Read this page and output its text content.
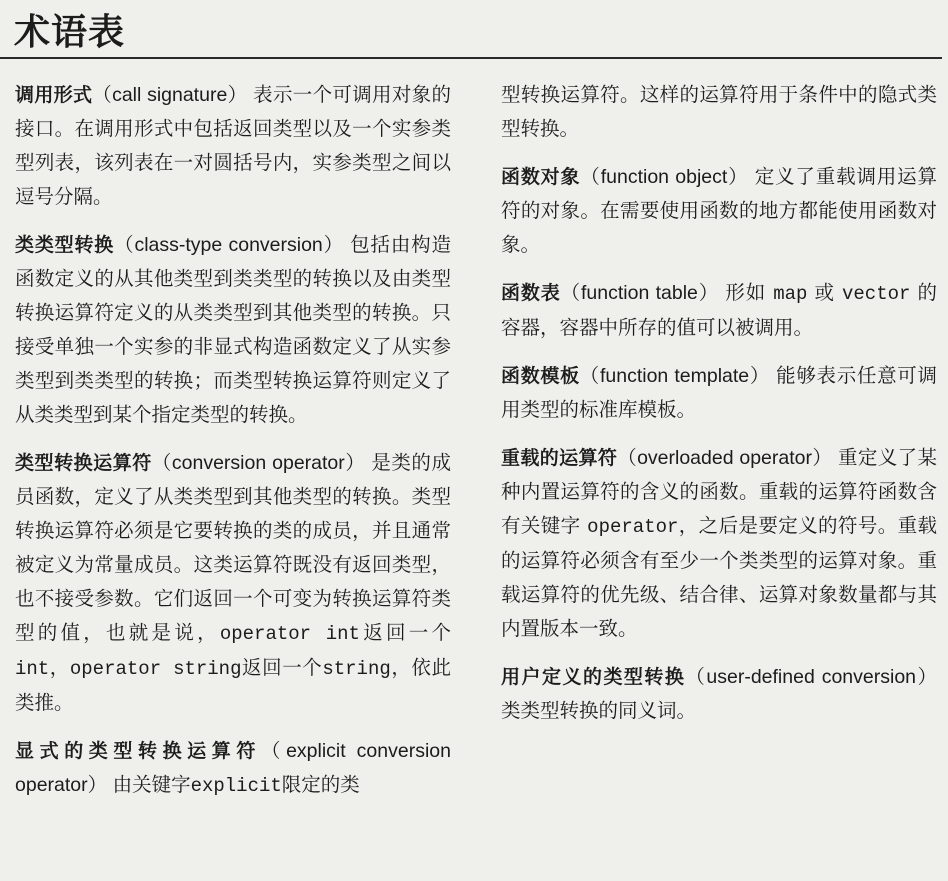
术语表

调用形式（call signature） 表示一个可调用对象的接口。在调用形式中包括返回类型以及一个实参类型列表，该列表在一对圆括号内，实参类型之间以逗号分隔。

类类型转换（class-type conversion） 包括由构造函数定义的从其他类型到类类型的转换以及由类型转换运算符定义的从类类型到其他类型的转换。只接受单独一个实参的非显式构造函数定义了从实参类型到类类型的转换；而类型转换运算符则定义了从类类型到某个指定类型的转换。

类型转换运算符（conversion operator） 是类的成员函数，定义了从类类型到其他类型的转换。类型转换运算符必须是它要转换的类的成员，并且通常被定义为常量成员。这类运算符既没有返回类型，也不接受参数。它们返回一个可变为转换运算符类型的值，也就是说，operator int返回一个int，operator string返回一个string，依此类推。

显式的类型转换运算符（explicit conversion operator） 由关键字explicit限定的类

型转换运算符。这样的运算符用于条件中的隐式类型转换。

函数对象（function object） 定义了重载调用运算符的对象。在需要使用函数的地方都能使用函数对象。

函数表（function table） 形如 map 或 vector 的容器，容器中所存的值可以被调用。

函数模板（function template） 能够表示任意可调用类型的标准库模板。

重载的运算符（overloaded operator） 重定义了某种内置运算符的含义的函数。重载的运算符函数含有关键字 operator，之后是要定义的符号。重载的运算符必须含有至少一个类类型的运算对象。重载运算符的优先级、结合律、运算对象数量都与其内置版本一致。

用户定义的类型转换（user-defined conversion） 类类型转换的同义词。
